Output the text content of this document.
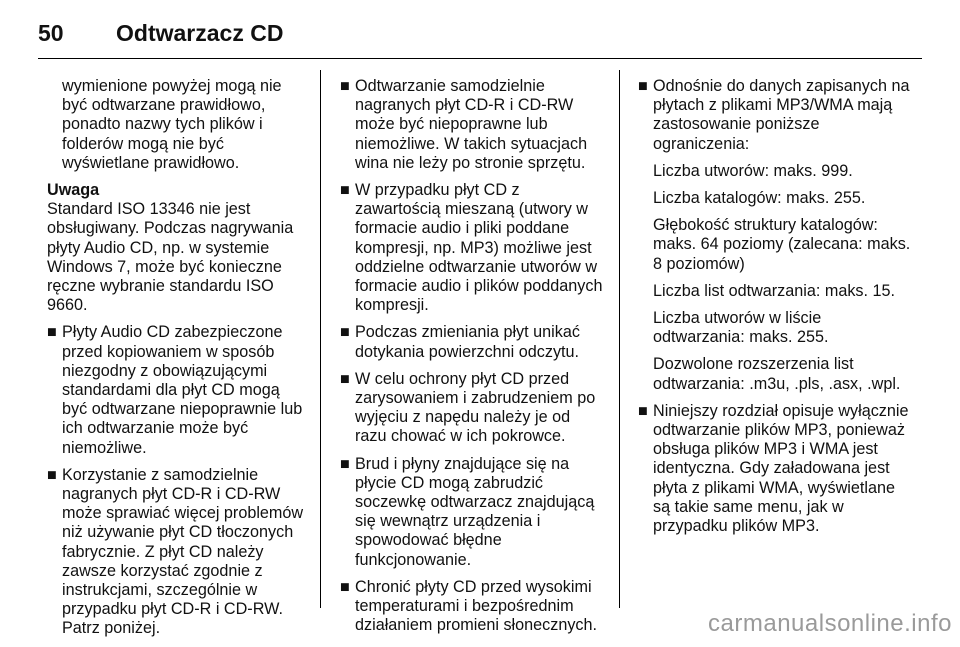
50 Odtwarzacz CD

wymienione powyżej mogą nie być odtwarzane prawidłowo, ponadto nazwy tych plików i folderów mogą nie być wyświetlane prawidłowo.

Uwaga

Standard ISO 13346 nie jest obsługiwany. Podczas nagrywania płyty Audio CD, np. w systemie Windows 7, może być konieczne ręczne wybranie standardu ISO 9660.

■ Płyty Audio CD zabezpieczone przed kopiowaniem w sposób niezgodny z obowiązującymi standardami dla płyt CD mogą być odtwarzane niepoprawnie lub ich odtwarzanie może być niemożliwe.
■ Korzystanie z samodzielnie nagranych płyt CD-R i CD-RW może sprawiać więcej problemów niż używanie płyt CD tłoczonych fabrycznie. Z płyt CD należy zawsze korzystać zgodnie z instrukcjami, szczególnie w przypadku płyt CD-R i CD-RW. Patrz poniżej.
■ Odtwarzanie samodzielnie nagranych płyt CD-R i CD-RW może być niepoprawne lub niemożliwe. W takich sytuacjach wina nie leży po stronie sprzętu.
■ W przypadku płyt CD z zawartością mieszaną (utwory w formacie audio i pliki poddane kompresji, np. MP3) możliwe jest oddzielne odtwarzanie utworów w formacie audio i plików poddanych kompresji.
■ Podczas zmieniania płyt unikać dotykania powierzchni odczytu.
■ W celu ochrony płyt CD przed zarysowaniem i zabrudzeniem po wyjęciu z napędu należy je od razu chować w ich pokrowce.
■ Brud i płyny znajdujące się na płycie CD mogą zabrudzić soczewkę odtwarzacz znajdującą się wewnątrz urządzenia i spowodować błędne funkcjonowanie.
■ Chronić płyty CD przed wysokimi temperaturami i bezpośrednim działaniem promieni słonecznych.
■ Odnośnie do danych zapisanych na płytach z plikami MP3/WMA mają zastosowanie poniższe ograniczenia:

Liczba utworów: maks. 999.

Liczba katalogów: maks. 255.

Głębokość struktury katalogów: maks. 64 poziomy (zalecana: maks. 8 poziomów)

Liczba list odtwarzania: maks. 15.

Liczba utworów w liście odtwarzania: maks. 255.

Dozwolone rozszerzenia list odtwarzania: .m3u, .pls, .asx, .wpl.

■ Niniejszy rozdział opisuje wyłącznie odtwarzanie plików MP3, ponieważ obsługa plików MP3 i WMA jest identyczna. Gdy załadowana jest płyta z plikami WMA, wyświetlane są takie same menu, jak w przypadku plików MP3.
carmanualsonline.info
